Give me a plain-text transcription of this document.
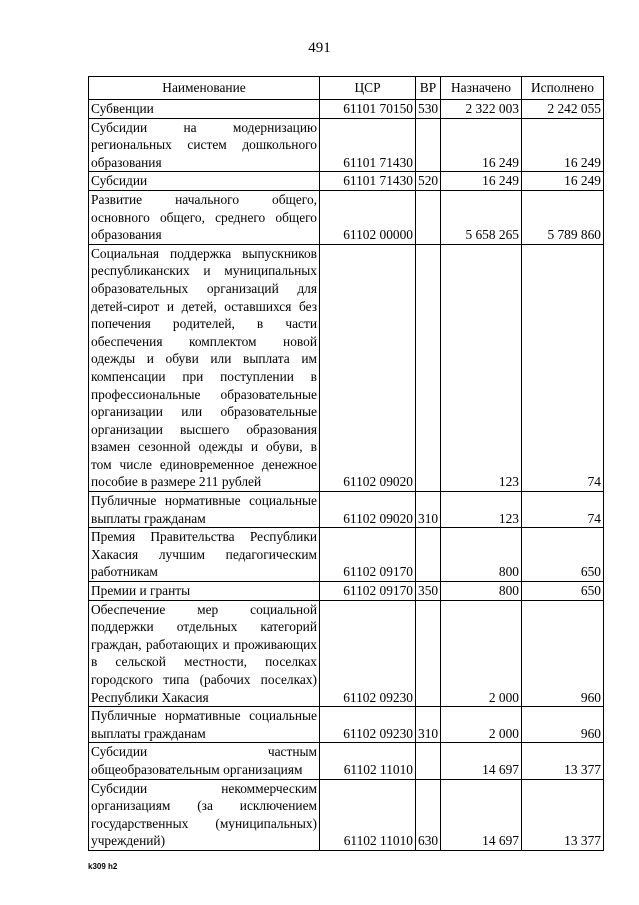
491
Наименование	ЦСР	ВР	Назначено	Исполнено
Субвенции	61101 70150	530	2 322 003	2 242 055
Субсидии на модернизацию региональных систем дошкольного образования	61101 71430		16 249	16 249
Субсидии	61101 71430	520	16 249	16 249
Развитие начального общего, основного общего, среднего общего образования	61102 00000		5 658 265	5 789 860
Социальная поддержка выпускников республиканских и муниципальных образовательных организаций для детей-сирот и детей, оставшихся без попечения родителей, в части обеспечения комплектом новой одежды и обуви или выплата им компенсации при поступлении в профессиональные образовательные организации или образовательные организации высшего образования взамен сезонной одежды и обуви, в том числе единовременное денежное пособие в размере 211 рублей	61102 09020		123	74
Публичные нормативные социальные выплаты гражданам	61102 09020	310	123	74
Премия Правительства Республики Хакасия лучшим педагогическим работникам	61102 09170		800	650
Премии и гранты	61102 09170	350	800	650
Обеспечение мер социальной поддержки отдельных категорий граждан, работающих и проживающих в сельской местности, поселках городского типа (рабочих поселках) Республики Хакасия	61102 09230		2 000	960
Публичные нормативные социальные выплаты гражданам	61102 09230	310	2 000	960
Субсидии частным общеобразовательным организациям	61102 11010		14 697	13 377
Субсидии некоммерческим организациям (за исключением государственных (муниципальных) учреждений)	61102 11010	630	14 697	13 377
k309 h2
